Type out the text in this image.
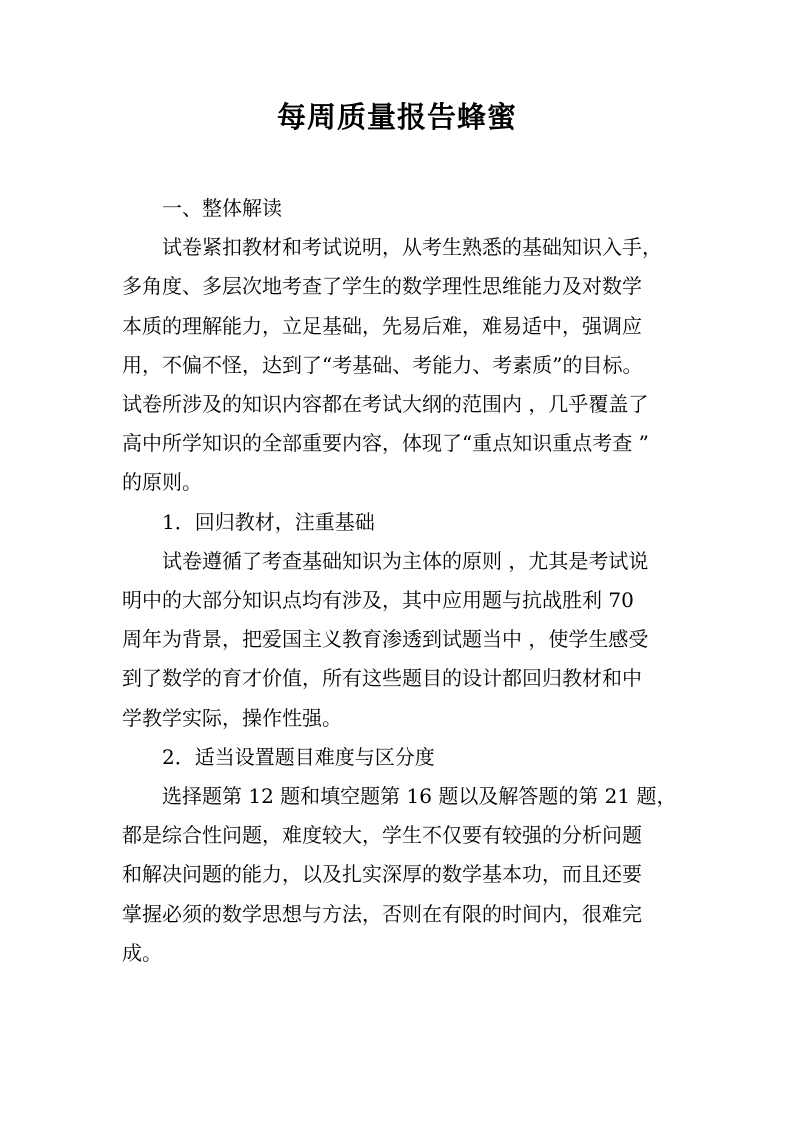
每周质量报告蜂蜜

一、整体解读

试卷紧扣教材和考试说明，从考生熟悉的基础知识入手，
多角度、多层次地考查了学生的数学理性思维能力及对数学
本质的理解能力，立足基础，先易后难，难易适中，强调应
用，不偏不怪，达到了“考基础、考能力、考素质”的目标。
试卷所涉及的知识内容都在考试大纲的范围内 ，几乎覆盖了
高中所学知识的全部重要内容，体现了“重点知识重点考查 ”
的原则。

1．回归教材，注重基础

试卷遵循了考查基础知识为主体的原则 ，尤其是考试说
明中的大部分知识点均有涉及，其中应用题与抗战胜利 70
周年为背景，把爱国主义教育渗透到试题当中 ，使学生感受
到了数学的育才价值，所有这些题目的设计都回归教材和中
学教学实际，操作性强。

2．适当设置题目难度与区分度

选择题第 12 题和填空题第 16 题以及解答题的第 21 题，
都是综合性问题，难度较大，学生不仅要有较强的分析问题
和解决问题的能力，以及扎实深厚的数学基本功，而且还要
掌握必须的数学思想与方法，否则在有限的时间内，很难完
成。
